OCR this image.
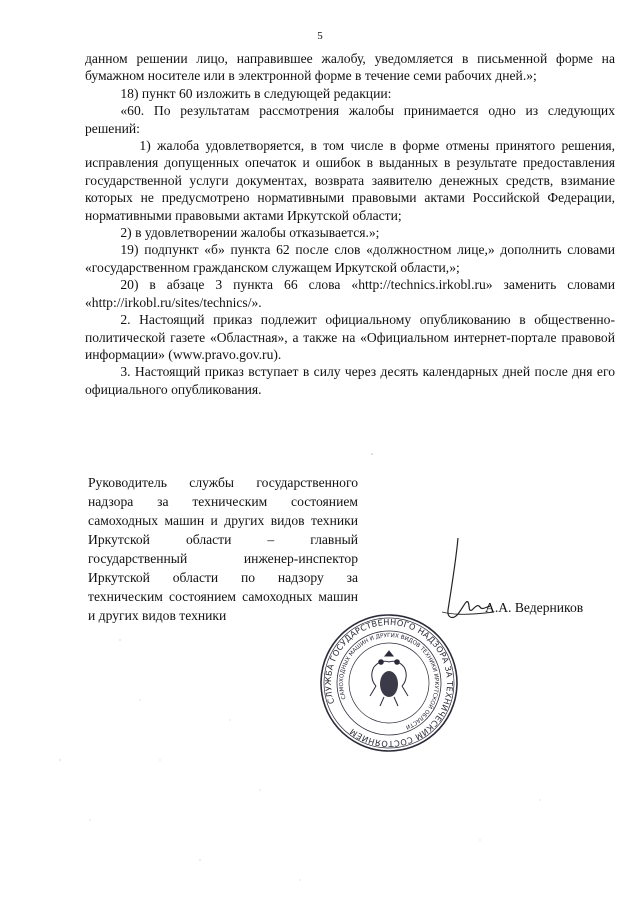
5

данном решении лицо, направившее жалобу, уведомляется в письменной форме на бумажном носителе или в электронной форме в течение семи рабочих дней.»;

18) пункт 60 изложить в следующей редакции:

«60. По результатам рассмотрения жалобы принимается одно из следующих решений:

1) жалоба удовлетворяется, в том числе в форме отмены принятого решения, исправления допущенных опечаток и ошибок в выданных в результате предоставления государственной услуги документах, возврата заявителю денежных средств, взимание которых не предусмотрено нормативными правовыми актами Российской Федерации, нормативными правовыми актами Иркутской области;

2) в удовлетворении жалобы отказывается.»;

19) подпункт «б» пункта 62 после слов «должностном лице,» дополнить словами «государственном гражданском служащем Иркутской области,»;

20) в абзаце 3 пункта 66 слова «http://technics.irkobl.ru» заменить словами «http://irkobl.ru/sites/technics/».

2. Настоящий приказ подлежит официальному опубликованию в общественно-политической газете «Областная», а также на «Официальном интернет-портале правовой информации» (www.pravo.gov.ru).

3. Настоящий приказ вступает в силу через десять календарных дней после дня его официального опубликования.

Руководитель службы государственного надзора за техническим состоянием самоходных машин и других видов техники Иркутской области – главный государственный инженер-инспектор Иркутской области по надзору за техническим состоянием самоходных машин и других видов техники
А.А. Ведерников
СЛУЖБА ГОСУДАРСТВЕННОГО НАДЗОРА ЗА ТЕХНИЧЕСКИМ СОСТОЯНИЕМ
САМОХОДНЫХ МАШИН И ДРУГИХ ВИДОВ ТЕХНИКИ ИРКУТСКОЙ ОБЛАСТИ
